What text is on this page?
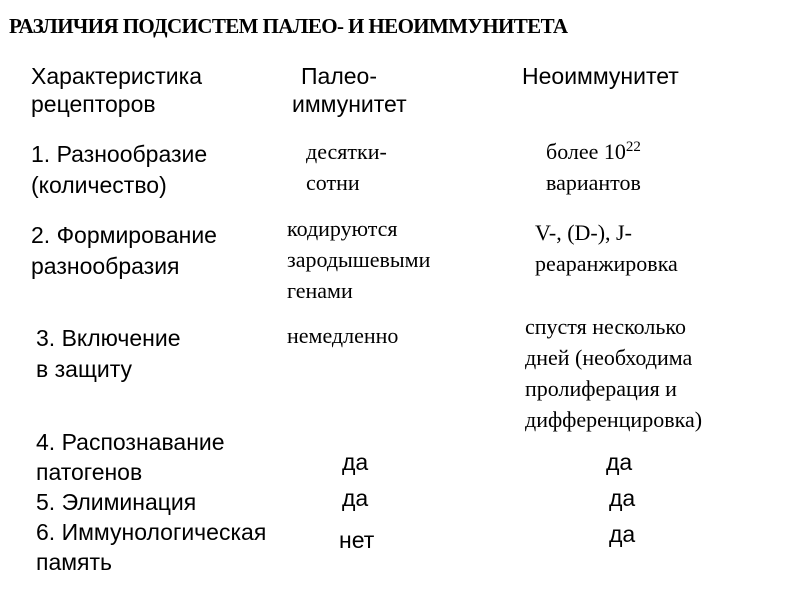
РАЗЛИЧИЯ ПОДСИСТЕМ ПАЛЕО- И НЕОИММУНИТЕТА
Характеристика
рецепторов
Палео-
иммунитет
Неоиммунитет
1. Разнообразие
(количество)
десятки-
сотни
более $10^{22}$
вариантов
2. Формирование
разнообразия
кодируются
зародышевыми
генами
V-, (D-), J-
реаранжировка
3. Включение
в защиту
немедленно	спустя несколько
дней (необходима
пролиферация и
дифференцировка)
4. Распознавание
патогенов
5. Элиминация
6. Иммунологическая
память
да
да
нет
да
да
да
